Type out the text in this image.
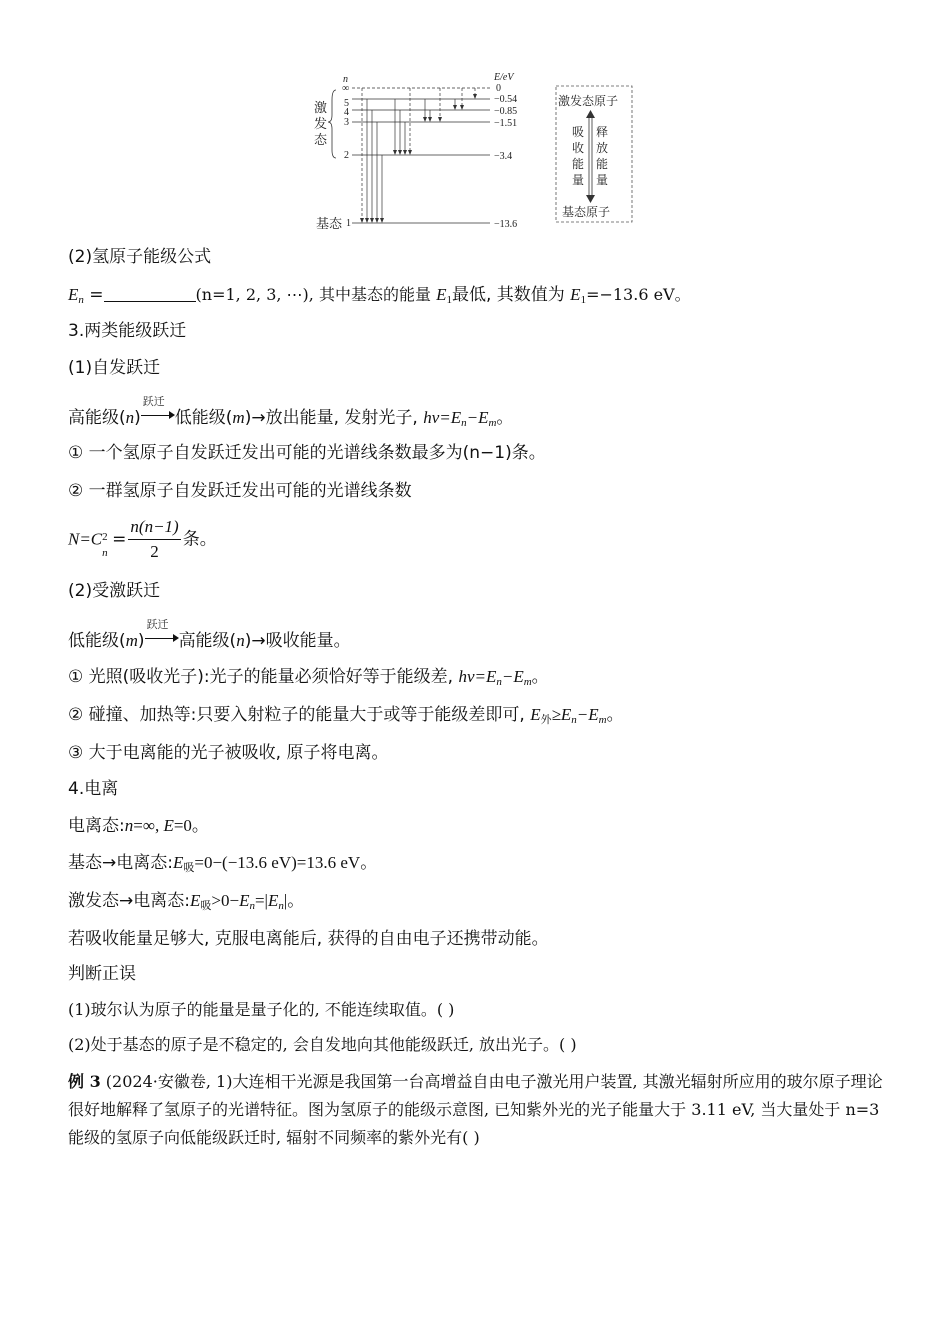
n	E/eV
∞
5
4
3
2
1
0
−0.54
−0.85
−1.51
−3.4
−13.6
激
发
态
基态
激发态原子
基态原子
吸
收
能
量
释
放
能
量
(2)氢原子能级公式
$E_n$ =	(n=1, 2, 3, ⋯), 其中基态的能量 $E_1$最低, 其数值为 $E_1=-13.6$ eV。
3.两类能级跃迁
(1)自发跃迁
高能级(n)
跃迁
低能级(m)→放出能量, 发射光子, $h\nu=E_n-E_m$。
① 一个氢原子自发跃迁发出可能的光谱线条数最多为(n−1)条。
② 一群氢原子自发跃迁发出可能的光谱线条数
N=C 2
n
= $\frac{n(n-1)}{2}$ 条。
(2)受激跃迁
低能级(m)
跃迁
高能级(n)→吸收能量。
① 光照(吸收光子):光子的能量必须恰好等于能级差, $h\nu=E_n-E_m$。
② 碰撞、加热等:只要入射粒子的能量大于或等于能级差即可, $E_外\ge E_n-E_m$。
③ 大于电离能的光子被吸收, 原子将电离。
4.电离
电离态:n=∞, E=0。
基态→电离态$:E_吸=0-(-13.6$ eV)=13.6 eV。
激发态→电离态$:E_吸>0-E_n=|E_n|$。
若吸收能量足够大, 克服电离能后, 获得的自由电子还携带动能。
判断正误
(1)玻尔认为原子的能量是量子化的, 不能连续取值。( )
(2)处于基态的原子是不稳定的, 会自发地向其他能级跃迁, 放出光子。( )
例 3 (2024·安徽卷, 1)大连相干光源是我国第一台高增益自由电子激光用户装置, 其激光辐射所应用的玻尔原子理论很好地解释了氢原子的光谱特征。图为氢原子的能级示意图, 已知紫外光的光子能量大于 3.11 eV, 当大量处于 n=3 能级的氢原子向低能级跃迁时, 辐射不同频率的紫外光有( )
